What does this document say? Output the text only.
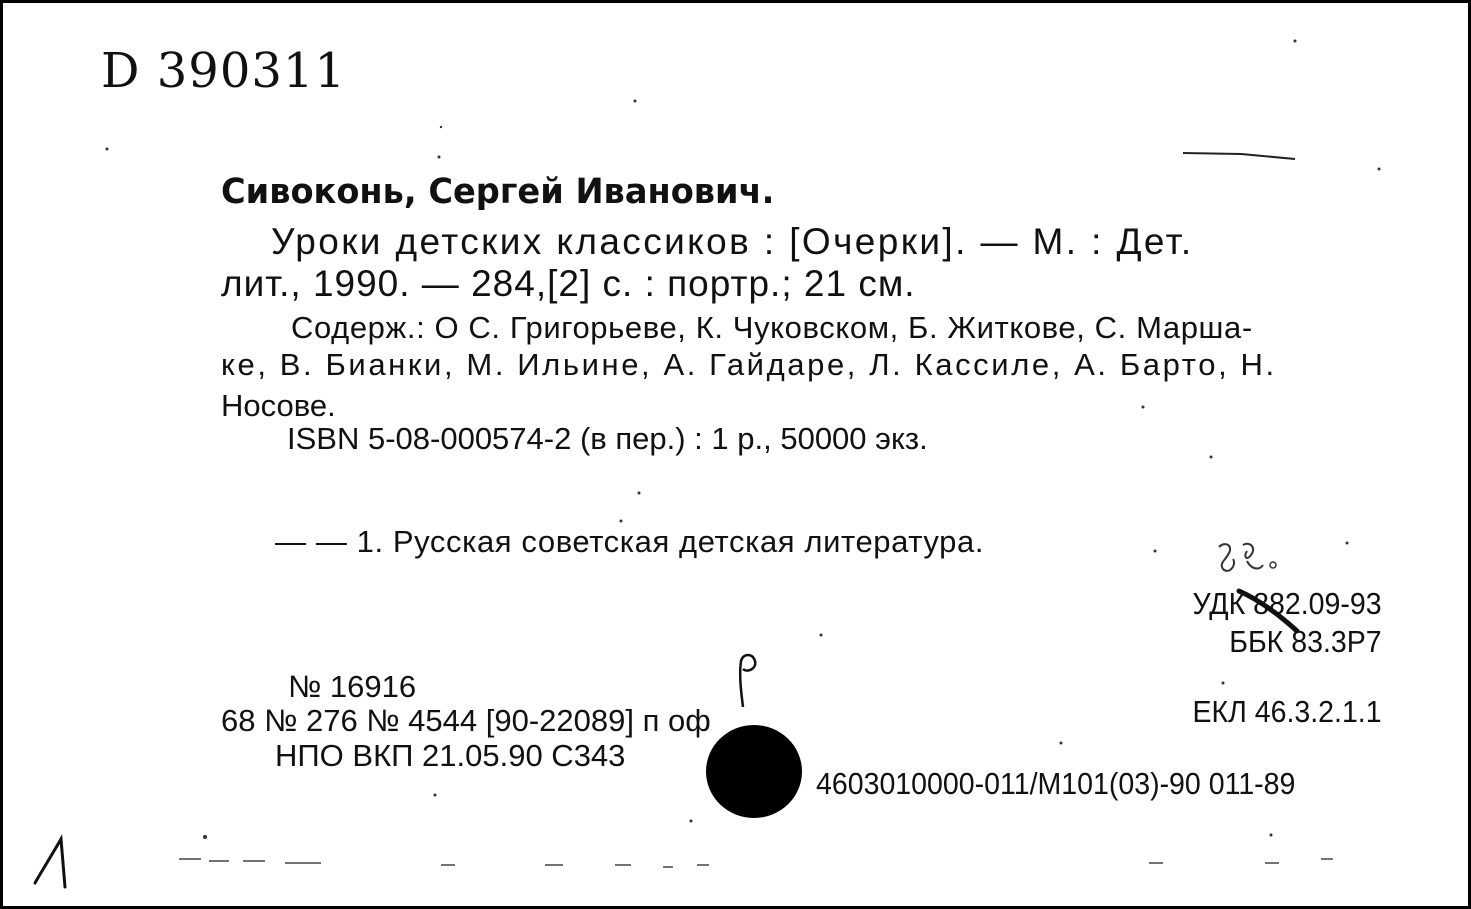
D 390311
Сивоконь, Сергей Иванович.
Уроки детских классиков : [Очерки]. — М. : Дет.
лит., 1990. — 284,[2] с. : портр.; 21 см.
Содерж.: О С. Григорьеве, К. Чуковском, Б. Житкове, С. Марша-
ке, В. Бианки, М. Ильине, А. Гайдаре, Л. Кассиле, А. Барто, Н.
Носове.
ISBN 5-08-000574-2 (в пер.) : 1 р., 50000 экз.
— — 1. Русская советская детская литература.
УДК 882.09-93
ББК 83.3Р7
ЕКЛ 46.3.2.1.1
№ 16916
68 № 276 № 4544 [90-22089] п оф
НПО ВКП 21.05.90 С343
4603010000-011/М101(03)-90 011-89
